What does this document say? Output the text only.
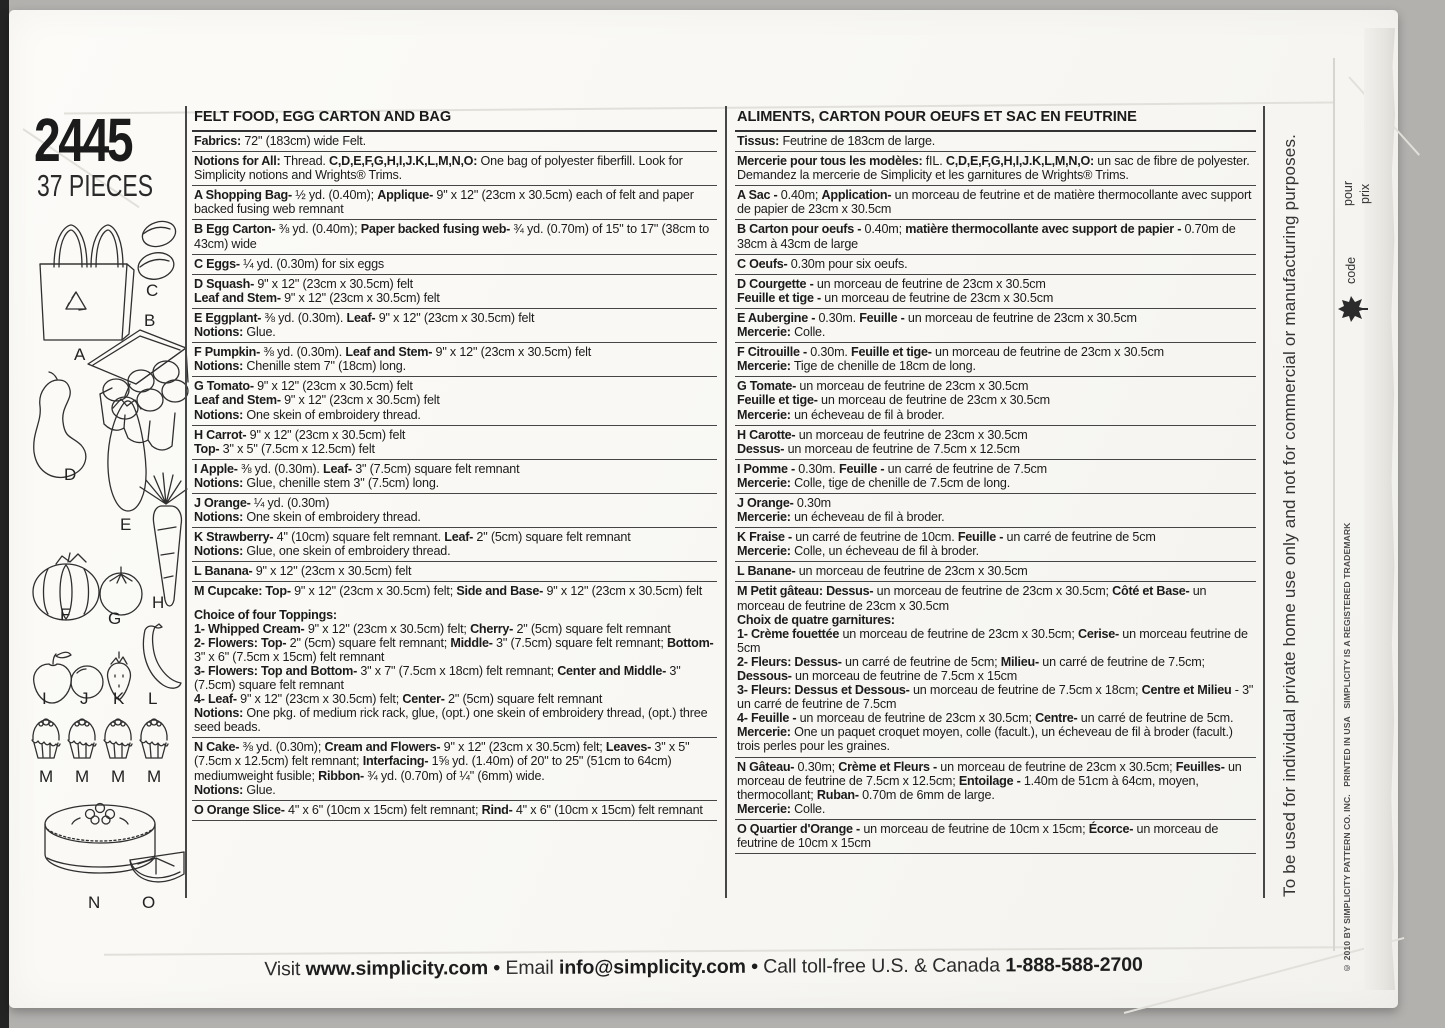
2445
37 PIECES
A
C
B
D
E
F G
H
I J K L
M M M M
N O
FELT FOOD, EGG CARTON AND BAG
Fabrics: 72" (183cm) wide Felt.
Notions for All: Thread. C,D,E,F,G,H,I,J.K,L,M,N,O: One bag of polyester fiberfill. Look for Simplicity notions and Wrights® Trims.
A Shopping Bag- ½ yd. (0.40m); Applique- 9" x 12" (23cm x 30.5cm) each of felt and paper backed fusing web remnant
B Egg Carton- ⅜ yd. (0.40m); Paper backed fusing web- ¾ yd. (0.70m) of 15" to 17" (38cm to 43cm) wide
C Eggs- ¼ yd. (0.30m) for six eggs
D Squash- 9" x 12" (23cm x 30.5cm) felt
Leaf and Stem- 9" x 12" (23cm x 30.5cm) felt
E Eggplant- ⅜ yd. (0.30m). Leaf- 9" x 12" (23cm x 30.5cm) felt
Notions: Glue.
F Pumpkin- ⅜ yd. (0.30m). Leaf and Stem- 9" x 12" (23cm x 30.5cm) felt
Notions: Chenille stem 7" (18cm) long.
G Tomato- 9" x 12" (23cm x 30.5cm) felt
Leaf and Stem- 9" x 12" (23cm x 30.5cm) felt
Notions: One skein of embroidery thread.
H Carrot- 9" x 12" (23cm x 30.5cm) felt
Top- 3" x 5" (7.5cm x 12.5cm) felt
I Apple- ⅜ yd. (0.30m). Leaf- 3" (7.5cm) square felt remnant
Notions: Glue, chenille stem 3" (7.5cm) long.
J Orange- ¼ yd. (0.30m)
Notions: One skein of embroidery thread.
K Strawberry- 4" (10cm) square felt remnant. Leaf- 2" (5cm) square felt remnant
Notions: Glue, one skein of embroidery thread.
L Banana- 9" x 12" (23cm x 30.5cm) felt
M Cupcake: Top- 9" x 12" (23cm x 30.5cm) felt; Side and Base- 9" x 12" (23cm x 30.5cm) felt
Choice of four Toppings:
1- Whipped Cream- 9" x 12" (23cm x 30.5cm) felt; Cherry- 2" (5cm) square felt remnant
2- Flowers: Top- 2" (5cm) square felt remnant; Middle- 3" (7.5cm) square felt remnant; Bottom- 3" x 6" (7.5cm x 15cm) felt remnant
3- Flowers: Top and Bottom- 3" x 7" (7.5cm x 18cm) felt remnant; Center and Middle- 3" (7.5cm) square felt remnant
4- Leaf- 9" x 12" (23cm x 30.5cm) felt; Center- 2" (5cm) square felt remnant
Notions: One pkg. of medium rick rack, glue, (opt.) one skein of embroidery thread, (opt.) three seed beads.
N Cake- ⅜ yd. (0.30m); Cream and Flowers- 9" x 12" (23cm x 30.5cm) felt; Leaves- 3" x 5" (7.5cm x 12.5cm) felt remnant; Interfacing- 1⅝ yd. (1.40m) of 20" to 25" (51cm to 64cm) mediumweight fusible; Ribbon- ¾ yd. (0.70m) of ¼" (6mm) wide.
Notions: Glue.
O Orange Slice- 4" x 6" (10cm x 15cm) felt remnant; Rind- 4" x 6" (10cm x 15cm) felt remnant
ALIMENTS, CARTON POUR OEUFS ET SAC EN FEUTRINE
Tissus: Feutrine de 183cm de large.
Mercerie pour tous les modèles: fIL. C,D,E,F,G,H,I,J.K,L,M,N,O: un sac de fibre de polyester. Demandez la mercerie de Simplicity et les garnitures de Wrights® Trims.
A Sac - 0.40m; Application- un morceau de feutrine et de matière thermocollante avec support de papier de 23cm x 30.5cm
B Carton pour oeufs - 0.40m; matière thermocollante avec support de papier - 0.70m de 38cm à 43cm de large
C Oeufs- 0.30m pour six oeufs.
D Courgette - un morceau de feutrine de 23cm x 30.5cm
Feuille et tige - un morceau de feutrine de 23cm x 30.5cm
E Aubergine - 0.30m. Feuille - un morceau de feutrine de 23cm x 30.5cm
Mercerie: Colle.
F Citrouille - 0.30m. Feuille et tige- un morceau de feutrine de 23cm x 30.5cm
Mercerie: Tige de chenille de 18cm de long.
G Tomate- un morceau de feutrine de 23cm x 30.5cm
Feuille et tige- un morceau de feutrine de 23cm x 30.5cm
Mercerie: un écheveau de fil à broder.
H Carotte- un morceau de feutrine de 23cm x 30.5cm
Dessus- un morceau de feutrine de 7.5cm x 12.5cm
I Pomme - 0.30m. Feuille - un carré de feutrine de 7.5cm
Mercerie: Colle, tige de chenille de 7.5cm de long.
J Orange- 0.30m
Mercerie: un écheveau de fil à broder.
K Fraise - un carré de feutrine de 10cm. Feuille - un carré de feutrine de 5cm
Mercerie: Colle, un écheveau de fil à broder.
L Banane- un morceau de feutrine de 23cm x 30.5cm
M Petit gâteau: Dessus- un morceau de feutrine de 23cm x 30.5cm; Côté et Base- un morceau de feutrine de 23cm x 30.5cm
Choix de quatre garnitures:
1- Crème fouettée un morceau de feutrine de 23cm x 30.5cm; Cerise- un morceau feutrine de 5cm
2- Fleurs: Dessus- un carré de feutrine de 5cm; Milieu- un carré de feutrine de 7.5cm; Dessous- un morceau de feutrine de 7.5cm x 15cm
3- Fleurs: Dessus et Dessous- un morceau de feutrine de 7.5cm x 18cm; Centre et Milieu - 3" un carré de feutrine de 7.5cm
4- Feuille - un morceau de feutrine de 23cm x 30.5cm; Centre- un carré de feutrine de 5cm.
Mercerie: One un paquet croquet moyen, colle (facult.), un écheveau de fil à broder (facult.) trois perles pour les graines.
N Gâteau- 0.30m; Crème et Fleurs - un morceau de feutrine de 23cm x 30.5cm; Feuilles- un morceau de feutrine de 7.5cm x 12.5cm; Entoilage - 1.40m de 51cm à 64cm, moyen, thermocollant; Ruban- 0.70m de 6mm de large.
Mercerie: Colle.
O Quartier d'Orange - un morceau de feutrine de 10cm x 15cm; Écorce- un morceau de feutrine de 10cm x 15cm	To be used for individual private home use only and not for commercial or manufacturing purposes.	© 2010 BY SIMPLICITY PATTERN CO. INC.   PRINTED IN USA   SIMPLICITY IS A REGISTERED TRADEMARK
pour prix
code
Visit www.simplicity.com • Email info@simplicity.com • Call toll-free U.S. & Canada 1-888-588-2700
